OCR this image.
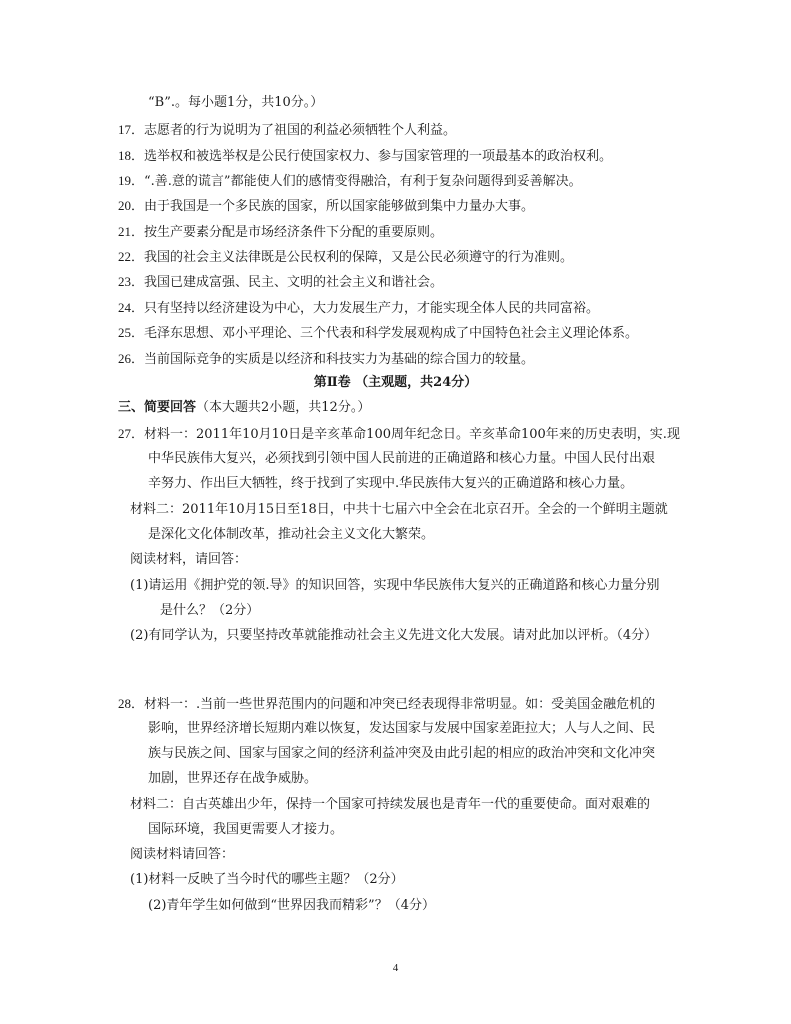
“B”.。每小题1分，共10分。）
17．志愿者的行为说明为了祖国的利益必须牺牲个人利益。
18．选举权和被选举权是公民行使国家权力、参与国家管理的一项最基本的政治权利。
19．“.善.意的谎言”都能使人们的感情变得融洽，有利于复杂问题得到妥善解决。
20．由于我国是一个多民族的国家，所以国家能够做到集中力量办大事。
21．按生产要素分配是市场经济条件下分配的重要原则。
22．我国的社会主义法律既是公民权利的保障，又是公民必须遵守的行为准则。
23．我国已建成富强、民主、文明的社会主义和谐社会。
24．只有坚持以经济建设为中心，大力发展生产力，才能实现全体人民的共同富裕。
25．毛泽东思想、邓小平理论、三个代表和科学发展观构成了中国特色社会主义理论体系。
26．当前国际竞争的实质是以经济和科技实力为基础的综合国力的较量。
第Ⅱ卷 （主观题，共24分）
三、简要回答（本大题共2小题，共12分。）
27．材料一：2011年10月10日是辛亥革命100周年纪念日。辛亥革命100年来的历史表明，实.现
中华民族伟大复兴，必须找到引领中国人民前进的正确道路和核心力量。中国人民付出艰
辛努力、作出巨大牺牲，终于找到了实现中.华民族伟大复兴的正确道路和核心力量。
材料二：2011年10月15日至18日，中共十七届六中全会在北京召开。全会的一个鲜明主题就
是深化文化体制改革，推动社会主义文化大繁荣。
阅读材料，请回答：
(1)请运用《拥护党的领.导》的知识回答，实现中华民族伟大复兴的正确道路和核心力量分别
是什么？（2分）
(2)有同学认为，只要坚持改革就能推动社会主义先进文化大发展。请对此加以评析。（4分）
28．材料一：.当前一些世界范围内的问题和冲突已经表现得非常明显。如：受美国金融危机的
影响，世界经济增长短期内难以恢复，发达国家与发展中国家差距拉大；人与人之间、民
族与民族之间、国家与国家之间的经济利益冲突及由此引起的相应的政治冲突和文化冲突
加剧，世界还存在战争威胁。
材料二：自古英雄出少年，保持一个国家可持续发展也是青年一代的重要使命。面对艰难的
国际环境，我国更需要人才接力。
阅读材料请回答：
(1)材料一反映了当今时代的哪些主题？（2分）
(2)青年学生如何做到“世界因我而精彩”？（4分）
4
